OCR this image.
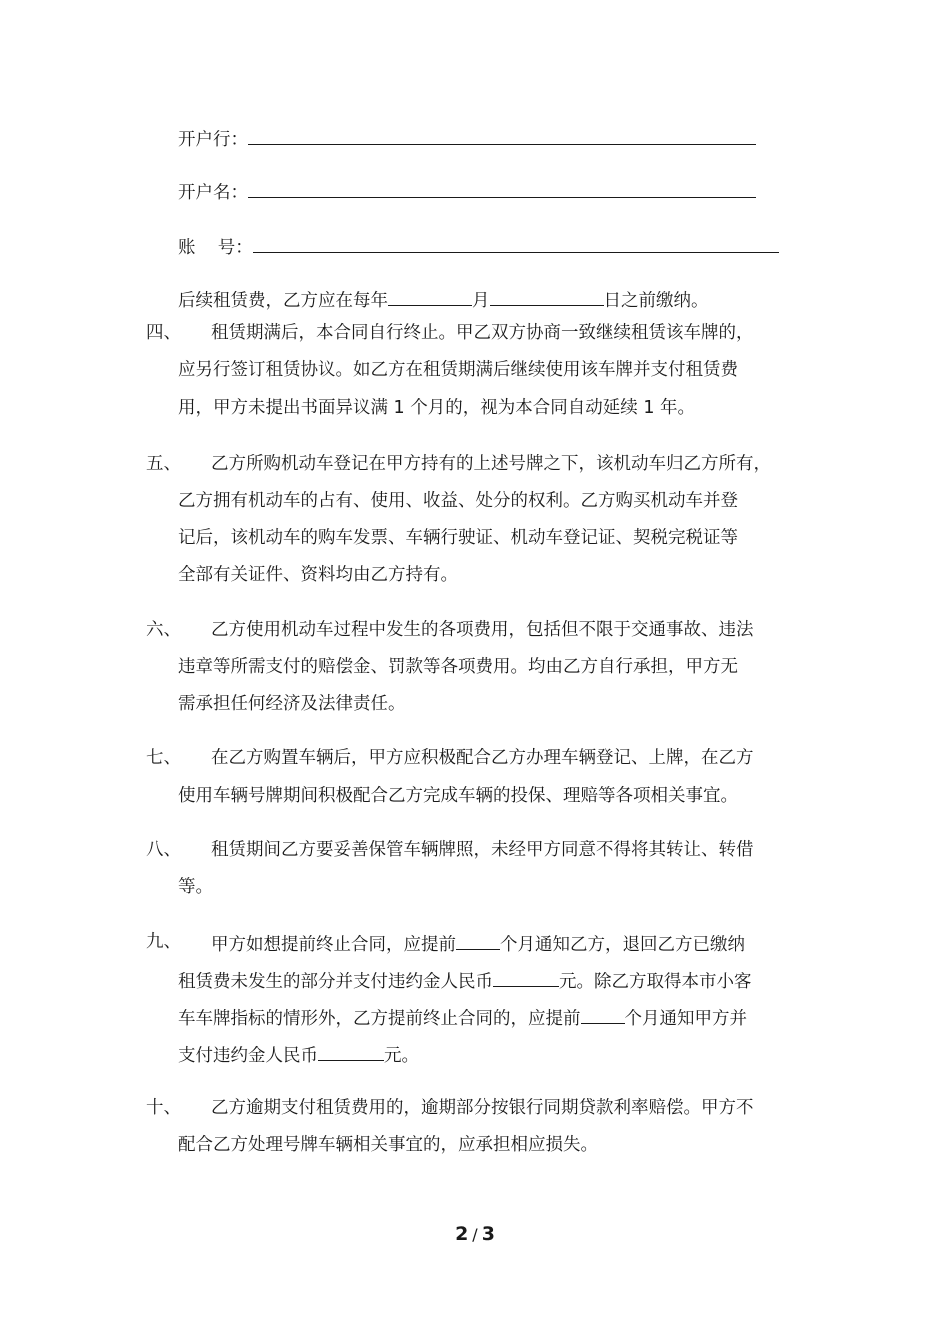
开户行：
开户名：
账    号：
后续租赁费，乙方应在每年	月	日之前缴纳。
四、 租赁期满后，本合同自行终止。甲乙双方协商一致继续租赁该车牌的，
应另行签订租赁协议。如乙方在租赁期满后继续使用该车牌并支付租赁费
用，甲方未提出书面异议满 1 个月的，视为本合同自动延续 1 年。
五、 乙方所购机动车登记在甲方持有的上述号牌之下，该机动车归乙方所有，
乙方拥有机动车的占有、使用、收益、处分的权利。乙方购买机动车并登
记后，该机动车的购车发票、车辆行驶证、机动车登记证、契税完税证等
全部有关证件、资料均由乙方持有。
六、 乙方使用机动车过程中发生的各项费用，包括但不限于交通事故、违法
违章等所需支付的赔偿金、罚款等各项费用。均由乙方自行承担，甲方无
需承担任何经济及法律责任。
七、 在乙方购置车辆后，甲方应积极配合乙方办理车辆登记、上牌，在乙方
使用车辆号牌期间积极配合乙方完成车辆的投保、理赔等各项相关事宜。
八、 租赁期间乙方要妥善保管车辆牌照，未经甲方同意不得将其转让、转借
等。
九、 甲方如想提前终止合同，应提前	个月通知乙方，退回乙方已缴纳
租赁费未发生的部分并支付违约金人民币	元。除乙方取得本市小客
车车牌指标的情形外，乙方提前终止合同的，应提前	个月通知甲方并
支付违约金人民币	元。
十、 乙方逾期支付租赁费用的，逾期部分按银行同期贷款利率赔偿。甲方不
配合乙方处理号牌车辆相关事宜的，应承担相应损失。
2 / 3
